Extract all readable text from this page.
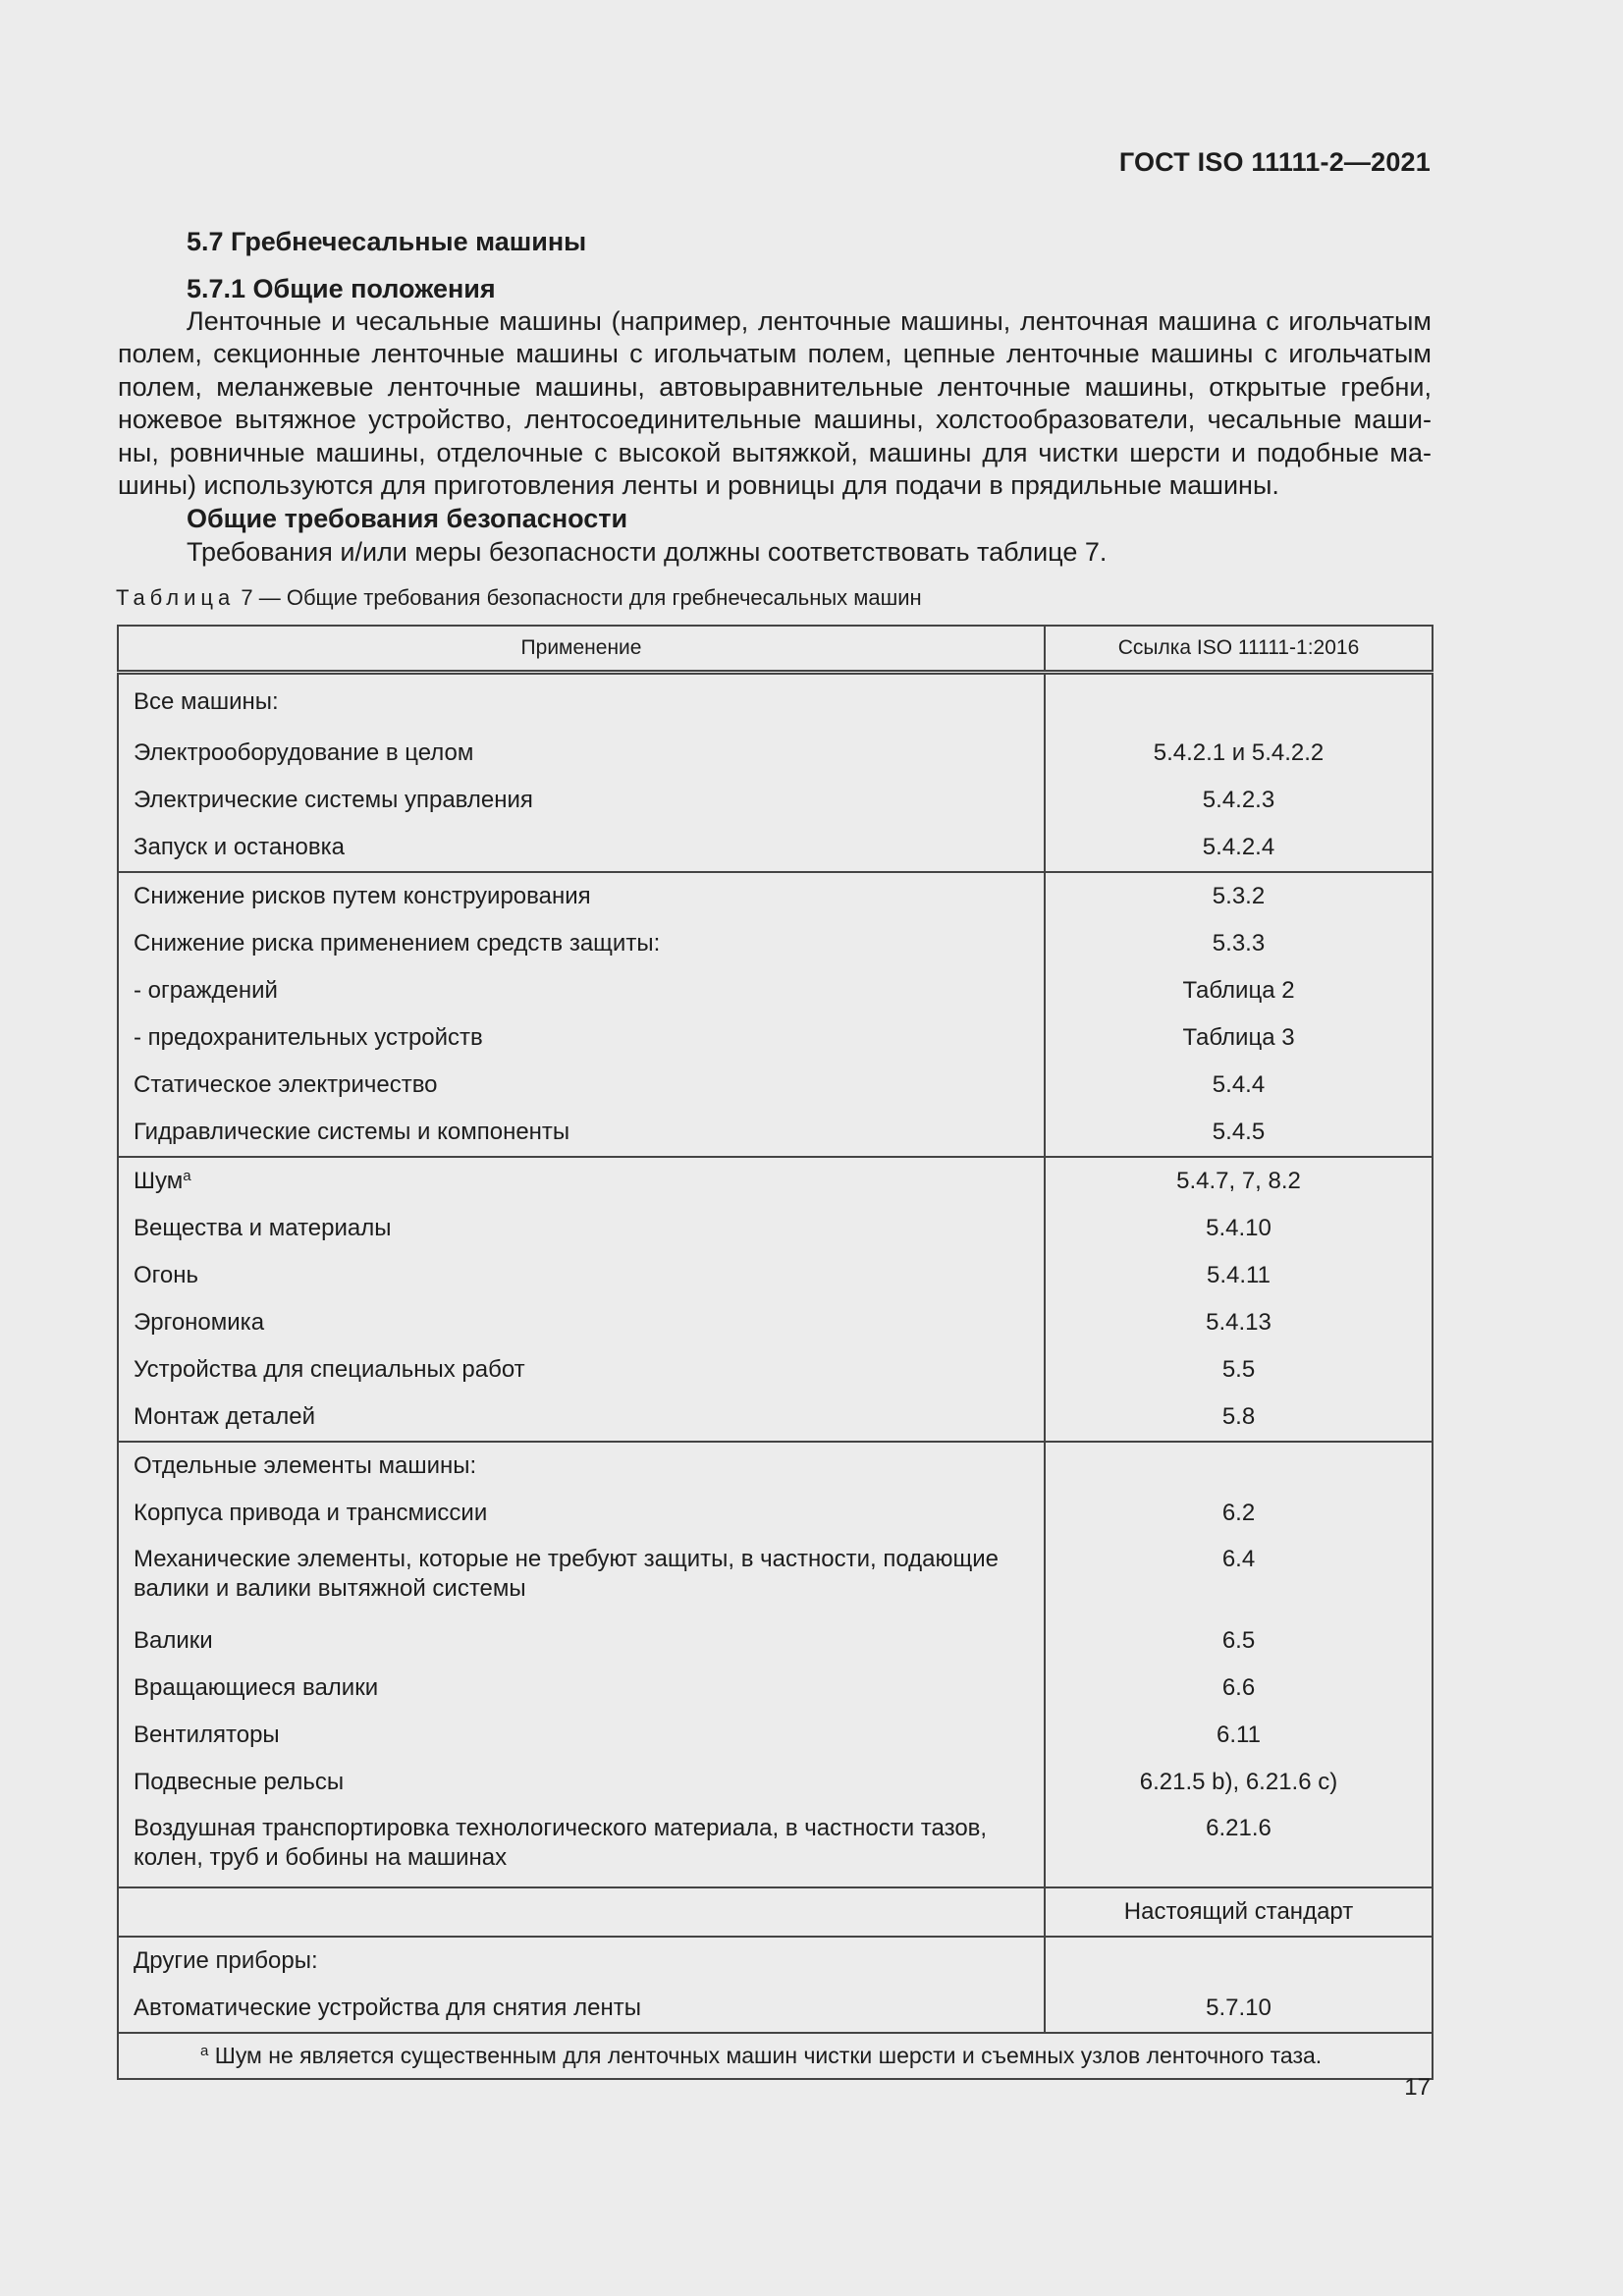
ГОСТ ISO 11111-2—2021
5.7 Гребнечесальные машины
5.7.1 Общие положения
Ленточные и чесальные машины (например, ленточные машины, ленточная машина с игольчатым
полем, секционные ленточные машины с игольчатым полем, цепные ленточные машины с игольчатым
полем, меланжевые ленточные машины, автовыравнительные ленточные машины, открытые гребни,
ножевое вытяжное устройство, лентосоединительные машины, холстообразователи, чесальные маши-
ны, ровничные машины, отделочные с высокой вытяжкой, машины для чистки шерсти и подобные ма-
шины) используются для приготовления ленты и ровницы для подачи в прядильные машины.
Общие требования безопасности
Требования и/или меры безопасности должны соответствовать таблице 7.
Таблица 7 — Общие требования безопасности для гребнечесальных машин
Применение	Ссылка ISO 11111-1:2016
Все машины:	
Электрооборудование в целом	5.4.2.1 и 5.4.2.2
Электрические системы управления	5.4.2.3
Запуск и остановка	5.4.2.4
Снижение рисков путем конструирования	5.3.2
Снижение риска применением средств защиты:	5.3.3
- ограждений	Таблица 2
- предохранительных устройств	Таблица 3
Статическое электричество	5.4.4
Гидравлические системы и компоненты	5.4.5
Шум$^a$	5.4.7, 7, 8.2
Вещества и материалы	5.4.10
Огонь	5.4.11
Эргономика	5.4.13
Устройства для специальных работ	5.5
Монтаж деталей	5.8
Отдельные элементы машины:	
Корпуса привода и трансмиссии	6.2
Механические элементы, которые не требуют защиты, в частности, подающие валики и валики вытяжной системы	6.4
Валики	6.5
Вращающиеся валики	6.6
Вентиляторы	6.11
Подвесные рельсы	6.21.5 b), 6.21.6 c)
Воздушная транспортировка технологического материала, в частности тазов, колен, труб и бобины на машинах	6.21.6
	Настоящий стандарт
Другие приборы:	
Автоматические устройства для снятия ленты	5.7.10
$^a$ Шум не является существенным для ленточных машин чистки шерсти и съемных узлов ленточного таза.	
17
